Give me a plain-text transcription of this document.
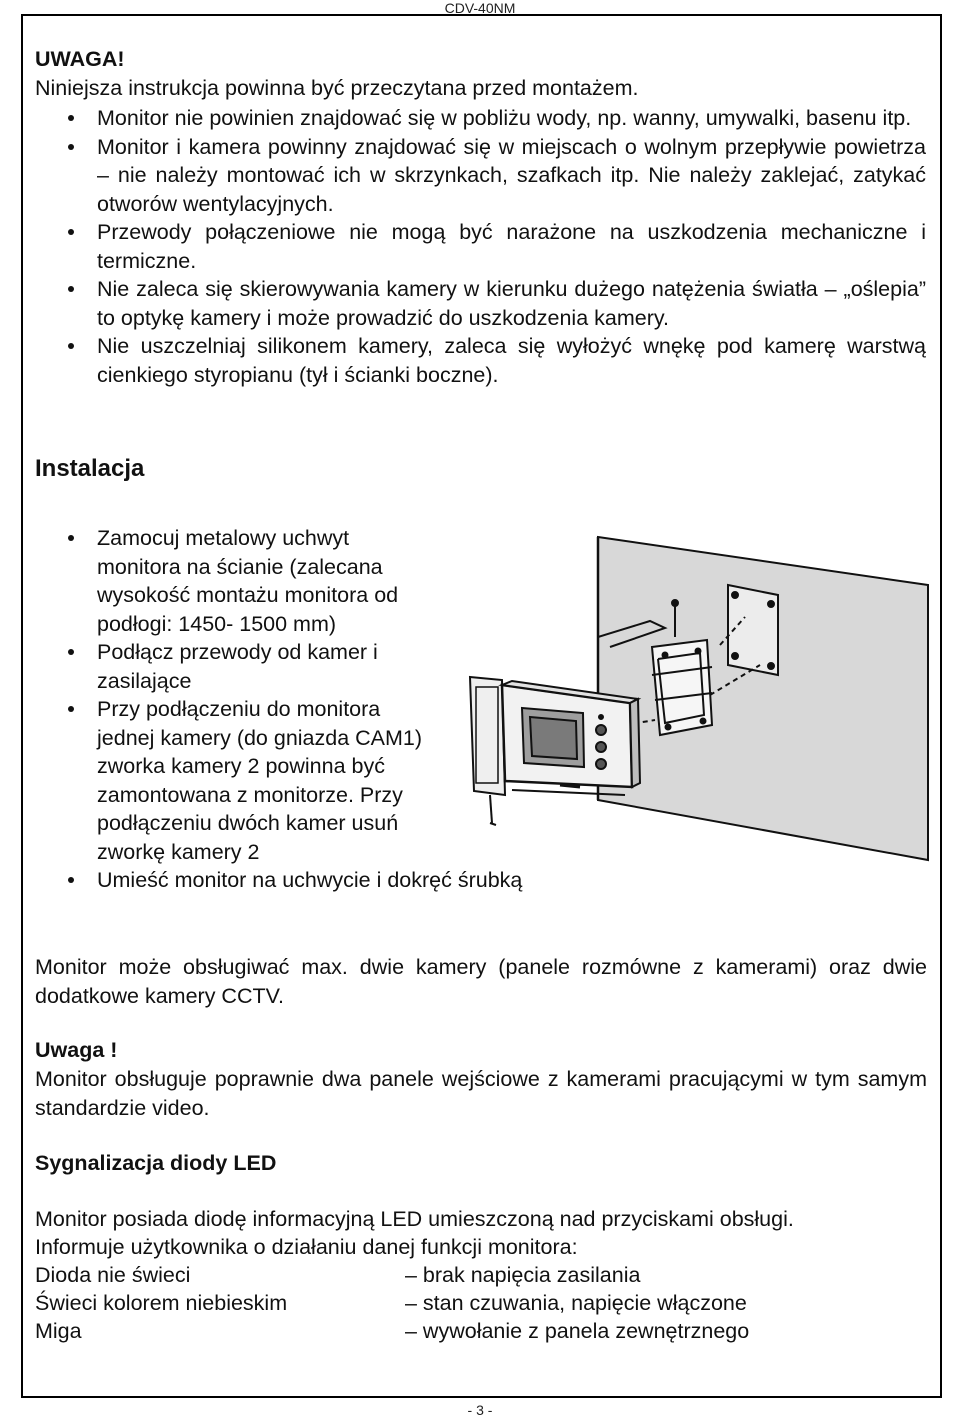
CDV-40NM
UWAGA!
Niniejsza instrukcja powinna być przeczytana przed montażem.
Monitor nie powinien znajdować się w pobliżu wody, np. wanny, umywalki, basenu itp.
Monitor i kamera powinny znajdować się w miejscach o wolnym przepływie powietrza – nie należy montować ich w skrzynkach, szafkach itp. Nie należy zaklejać, zatykać otworów wentylacyjnych.
Przewody połączeniowe nie mogą być narażone na uszkodzenia mechaniczne i termiczne.
Nie zaleca się skierowywania kamery w kierunku dużego natężenia światła – „oślepia” to optykę kamery i może prowadzić do uszkodzenia kamery.
Nie uszczelniaj silikonem kamery, zaleca się wyłożyć wnękę pod kamerę warstwą cienkiego styropianu (tył i ścianki boczne).
Instalacja
Zamocuj metalowy uchwyt monitora na ścianie (zalecana wysokość montażu monitora od podłogi: 1450- 1500 mm)
Podłącz przewody od kamer i zasilające
Przy podłączeniu do monitora jednej kamery (do gniazda CAM1) zworka kamery 2 powinna być zamontowana z monitorze. Przy podłączeniu dwóch kamer usuń zworkę kamery 2
Umieść monitor na uchwycie i dokręć śrubką
Monitor może obsługiwać max. dwie kamery (panele rozmówne z kamerami) oraz dwie dodatkowe kamery CCTV.
Uwaga !
Monitor obsługuje poprawnie dwa panele wejściowe z kamerami pracującymi w tym samym standardzie video.
Sygnalizacja diody LED
Monitor posiada diodę informacyjną LED umieszczoną nad przyciskami obsługi.
Informuje użytkownika o działaniu danej funkcji monitora:
Dioda nie świeci	– brak napięcia zasilania
Świeci kolorem niebieskim	– stan czuwania, napięcie włączone
Miga	– wywołanie z panela zewnętrznego
- 3 -
